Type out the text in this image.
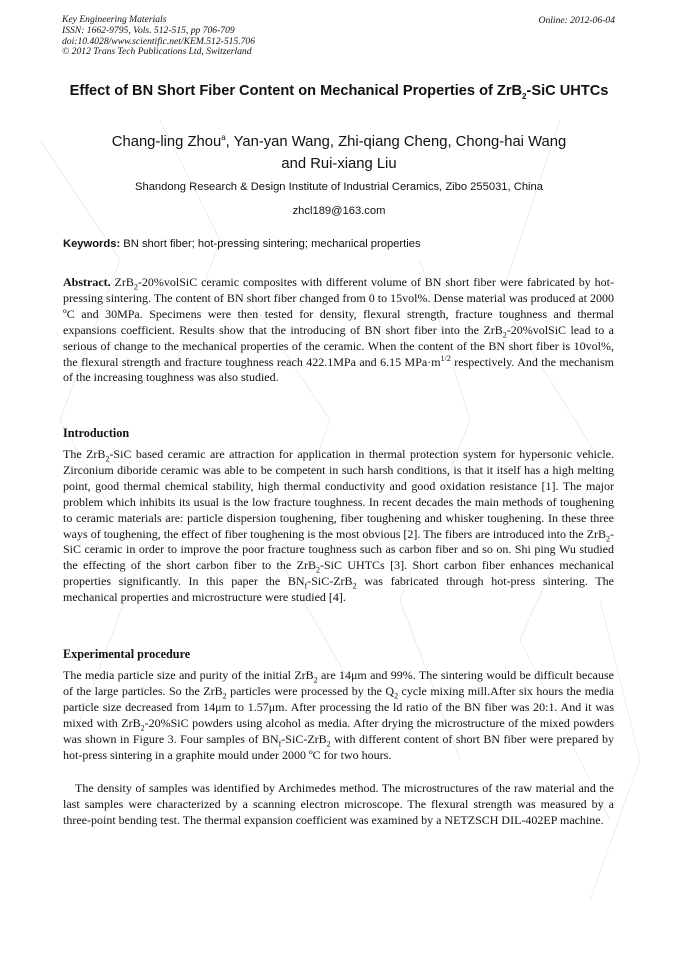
Key Engineering Materials
ISSN: 1662-9795, Vols. 512-515, pp 706-709
doi:10.4028/www.scientific.net/KEM.512-515.706
© 2012 Trans Tech Publications Ltd, Switzerland
Online: 2012-06-04
Effect of BN Short Fiber Content on Mechanical Properties of ZrB$_2$-SiC UHTCs
Chang-ling Zhou$^a$, Yan-yan Wang, Zhi-qiang Cheng, Chong-hai Wang
and Rui-xiang Liu
Shandong Research & Design Institute of Industrial Ceramics, Zibo 255031, China
zhcl189@163.com
Keywords: BN short fiber; hot-pressing sintering; mechanical properties

Abstract. ZrB$_2$-20%volSiC ceramic composites with different volume of BN short fiber were fabricated by hot-pressing sintering. The content of BN short fiber changed from 0 to 15vol%. Dense material was produced at 2000 ºC and 30MPa. Specimens were then tested for density, flexural strength, fracture toughness and thermal expansions coefficient. Results show that the introducing of BN short fiber into the ZrB$_2$-20%volSiC lead to a serious of change to the mechanical properties of the ceramic. When the content of the BN short fiber is 10vol%, the flexural strength and fracture toughness reach 422.1MPa and 6.15 $MPa\cdot m^{1/2}$ respectively. And the mechanism of the increasing toughness was also studied.

Introduction

The ZrB$_2$-SiC based ceramic are attraction for application in thermal protection system for hypersonic vehicle. Zirconium diboride ceramic was able to be competent in such harsh conditions, is that it itself has a high melting point, good thermal chemical stability, high thermal conductivity and good oxidation resistance [1]. The major problem which inhibits its usual is the low fracture toughness. In recent decades the main methods of toughening to ceramic materials are: particle dispersion toughening, fiber toughening and whisker toughening. In these three ways of toughening, the effect of fiber toughening is the most obvious [2]. The fibers are introduced into the ZrB$_2$-SiC ceramic in order to improve the poor fracture toughness such as carbon fiber and so on. Shi ping Wu studied the effecting of the short carbon fiber to the ZrB$_2$-SiC UHTCs [3]. Short carbon fiber enhances mechanical properties significantly. In this paper the $BN_f-SiC-ZrB_2$ was fabricated through hot-press sintering. The mechanical properties and microstructure were studied [4].

Experimental procedure

The media particle size and purity of the initial ZrB$_2$ are 14μm and 99%. The sintering would be difficult because of the large particles. So the ZrB$_2$ particles were processed by the $Q_2$ cycle mixing mill.After six hours the media particle size decreased from 14μm to 1.57μm. After processing the ld ratio of the BN fiber was 20:1. And it was mixed with ZrB$_2$-20%SiC powders using alcohol as media. After drying the microstructure of the mixed powders was shown in Figure 3. Four samples of $BN_f-SiC-ZrB_2$ with different content of short BN fiber were prepared by hot-press sintering in a graphite mould under 2000 ºC for two hours.

The density of samples was identified by Archimedes method. The microstructures of the raw material and the last samples were characterized by a scanning electron microscope. The flexural strength was measured by a three-point bending test. The thermal expansion coefficient was examined by a NETZSCH DIL-402EP machine.
